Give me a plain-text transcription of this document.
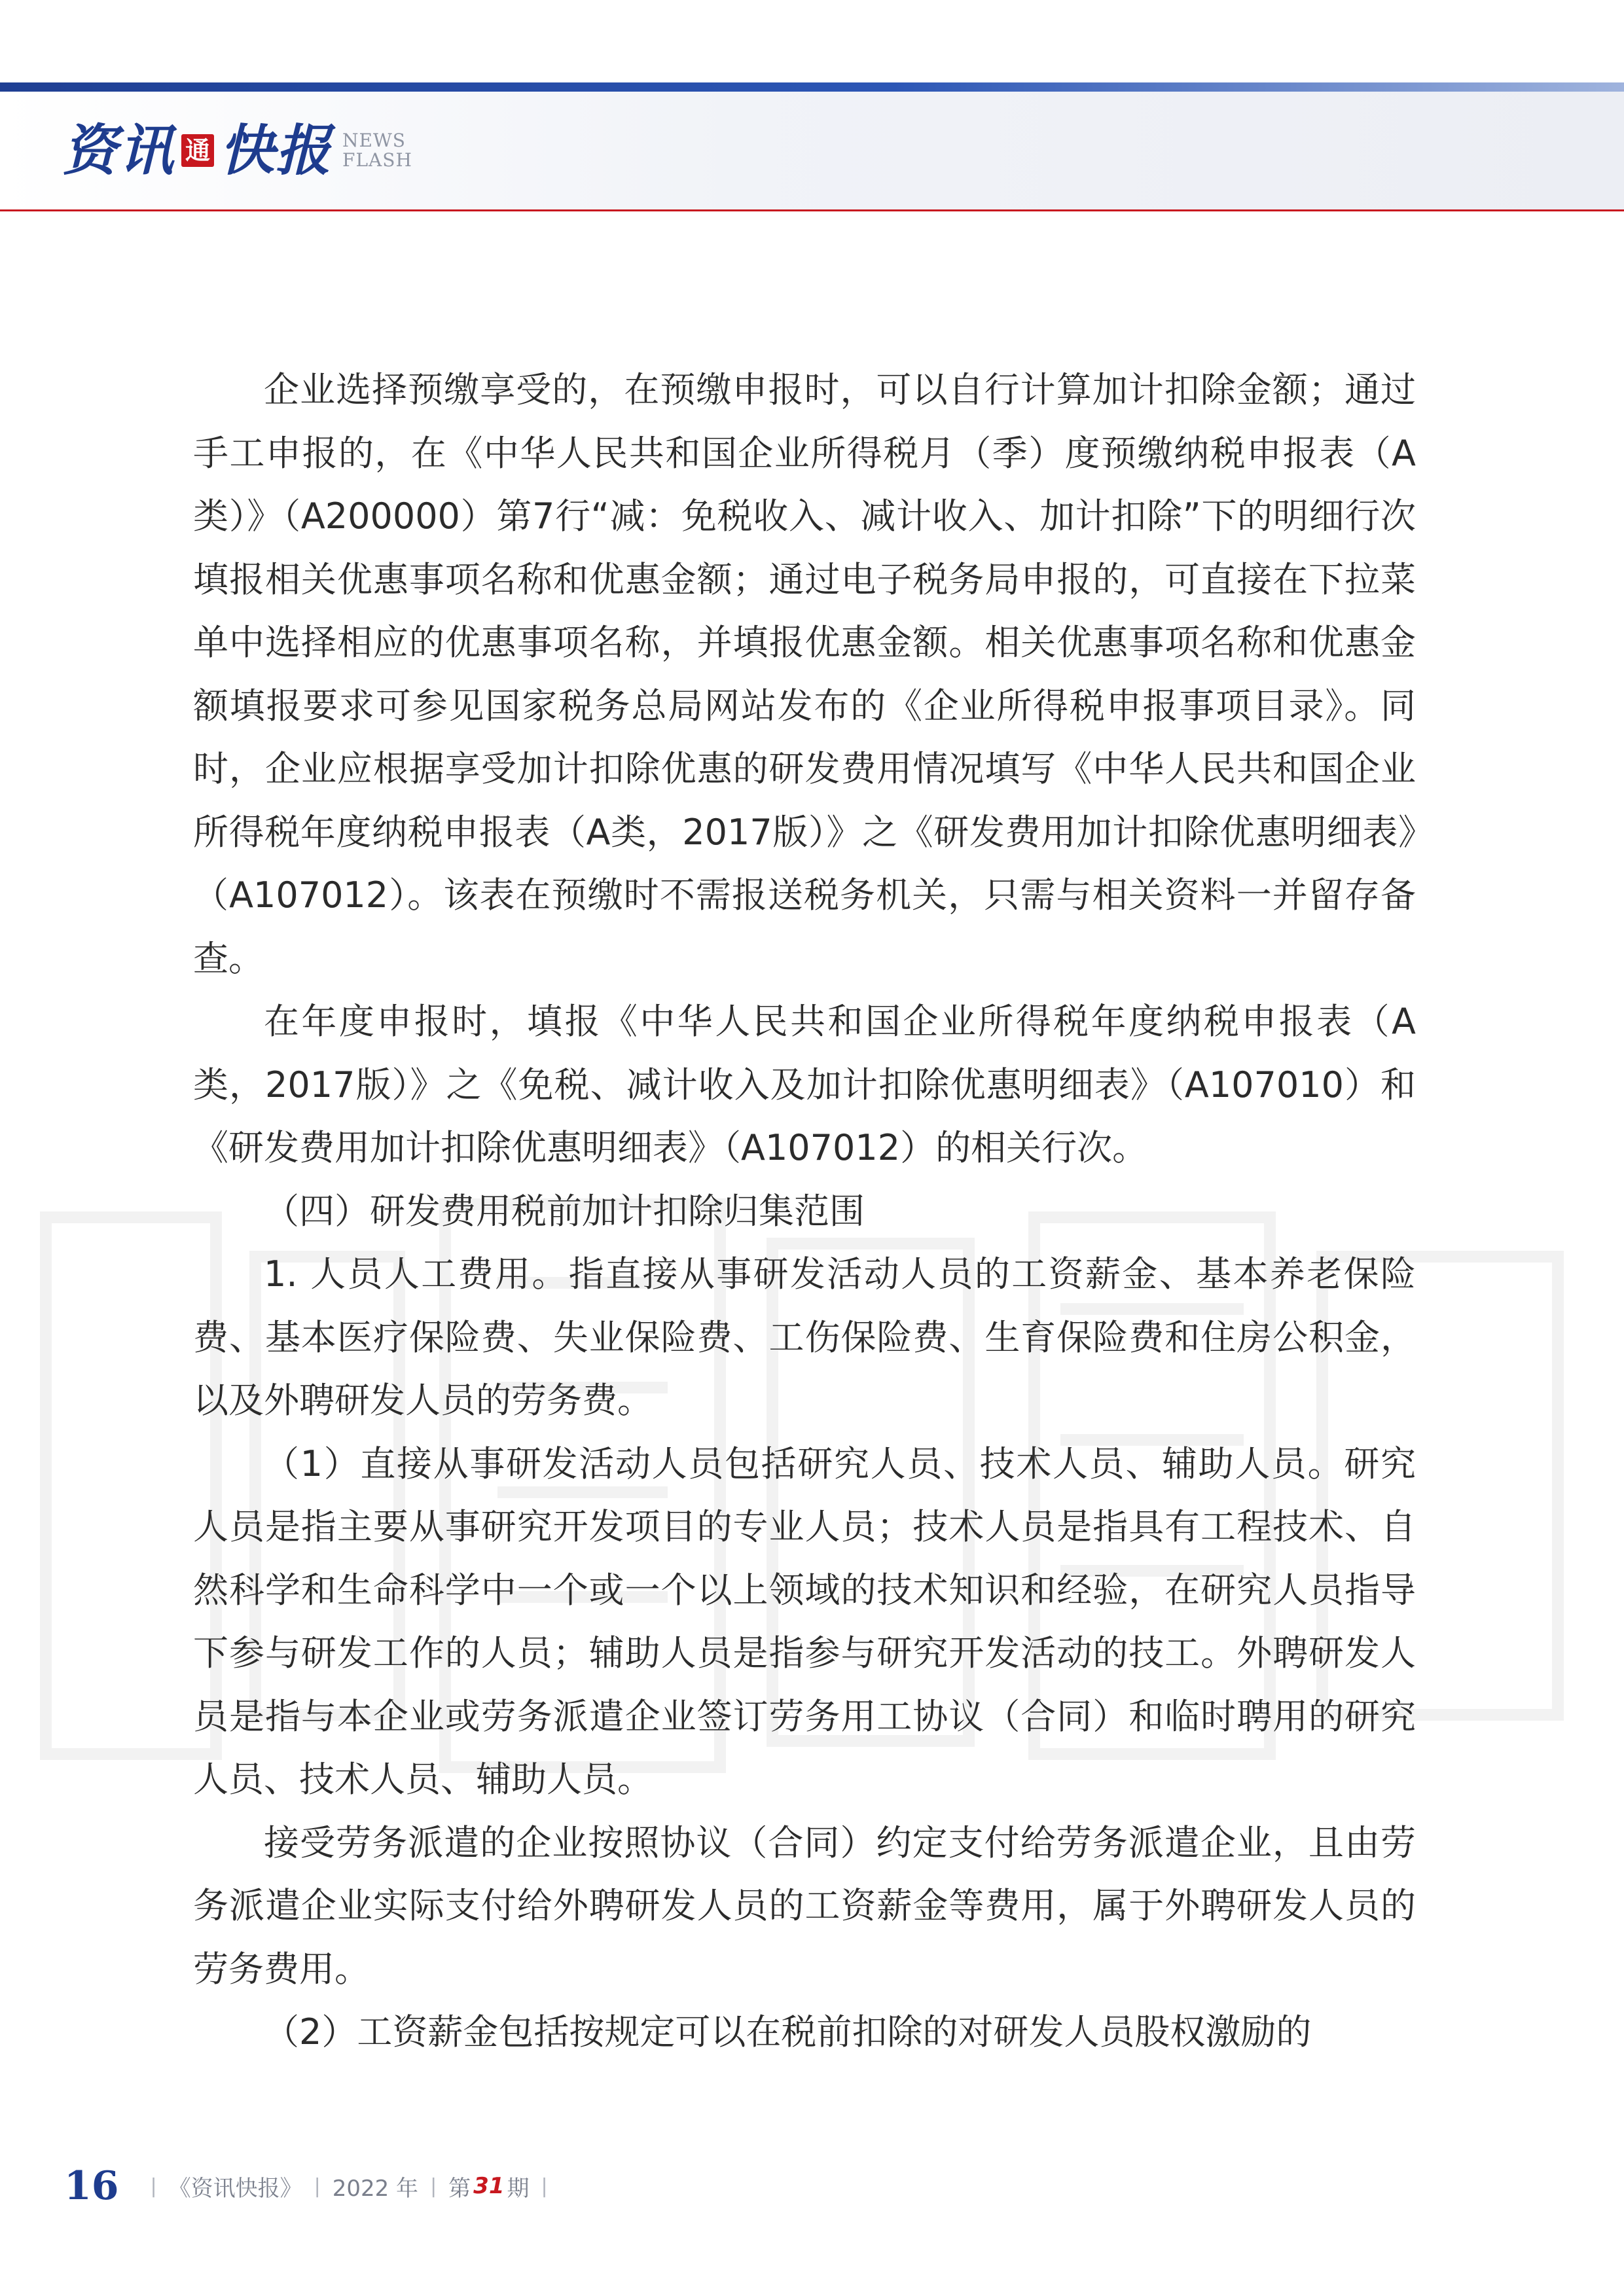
资讯 通 快报 NEWS
FLASH

企业选择预缴享受的，在预缴申报时，可以自行计算加计扣除金额；通过手工申报的，在《中华人民共和国企业所得税月（季）度预缴纳税申报表（A类）》（A200000）第7行“减：免税收入、减计收入、加计扣除”下的明细行次填报相关优惠事项名称和优惠金额；通过电子税务局申报的，可直接在下拉菜单中选择相应的优惠事项名称，并填报优惠金额。相关优惠事项名称和优惠金额填报要求可参见国家税务总局网站发布的《企业所得税申报事项目录》。同时，企业应根据享受加计扣除优惠的研发费用情况填写《中华人民共和国企业所得税年度纳税申报表（A类，2017版）》之《研发费用加计扣除优惠明细表》（A107012）。该表在预缴时不需报送税务机关，只需与相关资料一并留存备查。

在年度申报时，填报《中华人民共和国企业所得税年度纳税申报表（A类，2017版）》之《免税、减计收入及加计扣除优惠明细表》（A107010）和《研发费用加计扣除优惠明细表》（A107012）的相关行次。

（四）研发费用税前加计扣除归集范围

1. 人员人工费用。指直接从事研发活动人员的工资薪金、基本养老保险费、基本医疗保险费、失业保险费、工伤保险费、生育保险费和住房公积金，以及外聘研发人员的劳务费。

（1）直接从事研发活动人员包括研究人员、技术人员、辅助人员。研究人员是指主要从事研究开发项目的专业人员；技术人员是指具有工程技术、自然科学和生命科学中一个或一个以上领域的技术知识和经验，在研究人员指导下参与研发工作的人员；辅助人员是指参与研究开发活动的技工。外聘研发人员是指与本企业或劳务派遣企业签订劳务用工协议（合同）和临时聘用的研究人员、技术人员、辅助人员。

接受劳务派遣的企业按照协议（合同）约定支付给劳务派遣企业，且由劳务派遣企业实际支付给外聘研发人员的工资薪金等费用，属于外聘研发人员的劳务费用。

（2）工资薪金包括按规定可以在税前扣除的对研发人员股权激励的

16 | 《资讯快报》 | 2022 年 | 第 31 期 |
